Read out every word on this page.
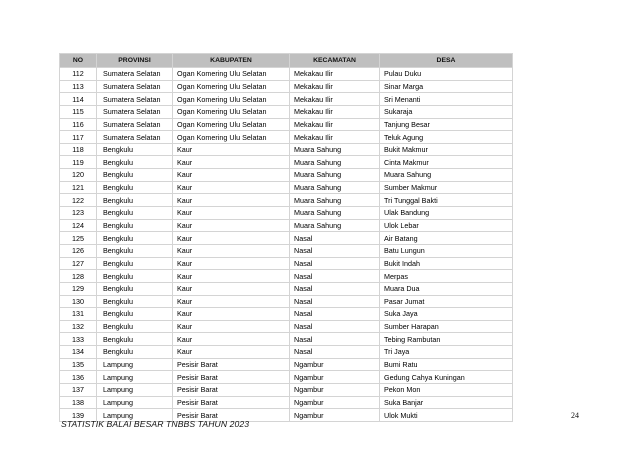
NO	PROVINSI	KABUPATEN	KECAMATAN	DESA
112	Sumatera Selatan	Ogan Komering Ulu Selatan	Mekakau Ilir	Pulau Duku
113	Sumatera Selatan	Ogan Komering Ulu Selatan	Mekakau Ilir	Sinar Marga
114	Sumatera Selatan	Ogan Komering Ulu Selatan	Mekakau Ilir	Sri Menanti
115	Sumatera Selatan	Ogan Komering Ulu Selatan	Mekakau Ilir	Sukaraja
116	Sumatera Selatan	Ogan Komering Ulu Selatan	Mekakau Ilir	Tanjung Besar
117	Sumatera Selatan	Ogan Komering Ulu Selatan	Mekakau Ilir	Teluk Agung
118	Bengkulu	Kaur	Muara Sahung	Bukit Makmur
119	Bengkulu	Kaur	Muara Sahung	Cinta Makmur
120	Bengkulu	Kaur	Muara Sahung	Muara Sahung
121	Bengkulu	Kaur	Muara Sahung	Sumber Makmur
122	Bengkulu	Kaur	Muara Sahung	Tri Tunggal Bakti
123	Bengkulu	Kaur	Muara Sahung	Ulak Bandung
124	Bengkulu	Kaur	Muara Sahung	Ulok Lebar
125	Bengkulu	Kaur	Nasal	Air Batang
126	Bengkulu	Kaur	Nasal	Batu Lungun
127	Bengkulu	Kaur	Nasal	Bukit Indah
128	Bengkulu	Kaur	Nasal	Merpas
129	Bengkulu	Kaur	Nasal	Muara Dua
130	Bengkulu	Kaur	Nasal	Pasar Jumat
131	Bengkulu	Kaur	Nasal	Suka Jaya
132	Bengkulu	Kaur	Nasal	Sumber Harapan
133	Bengkulu	Kaur	Nasal	Tebing Rambutan
134	Bengkulu	Kaur	Nasal	Tri Jaya
135	Lampung	Pesisir Barat	Ngambur	Bumi Ratu
136	Lampung	Pesisir Barat	Ngambur	Gedung Cahya Kuningan
137	Lampung	Pesisir Barat	Ngambur	Pekon Mon
138	Lampung	Pesisir Barat	Ngambur	Suka Banjar
139	Lampung	Pesisir Barat	Ngambur	Ulok Mukti
STATISTIK BALAI BESAR TNBBS TAHUN 2023
24
